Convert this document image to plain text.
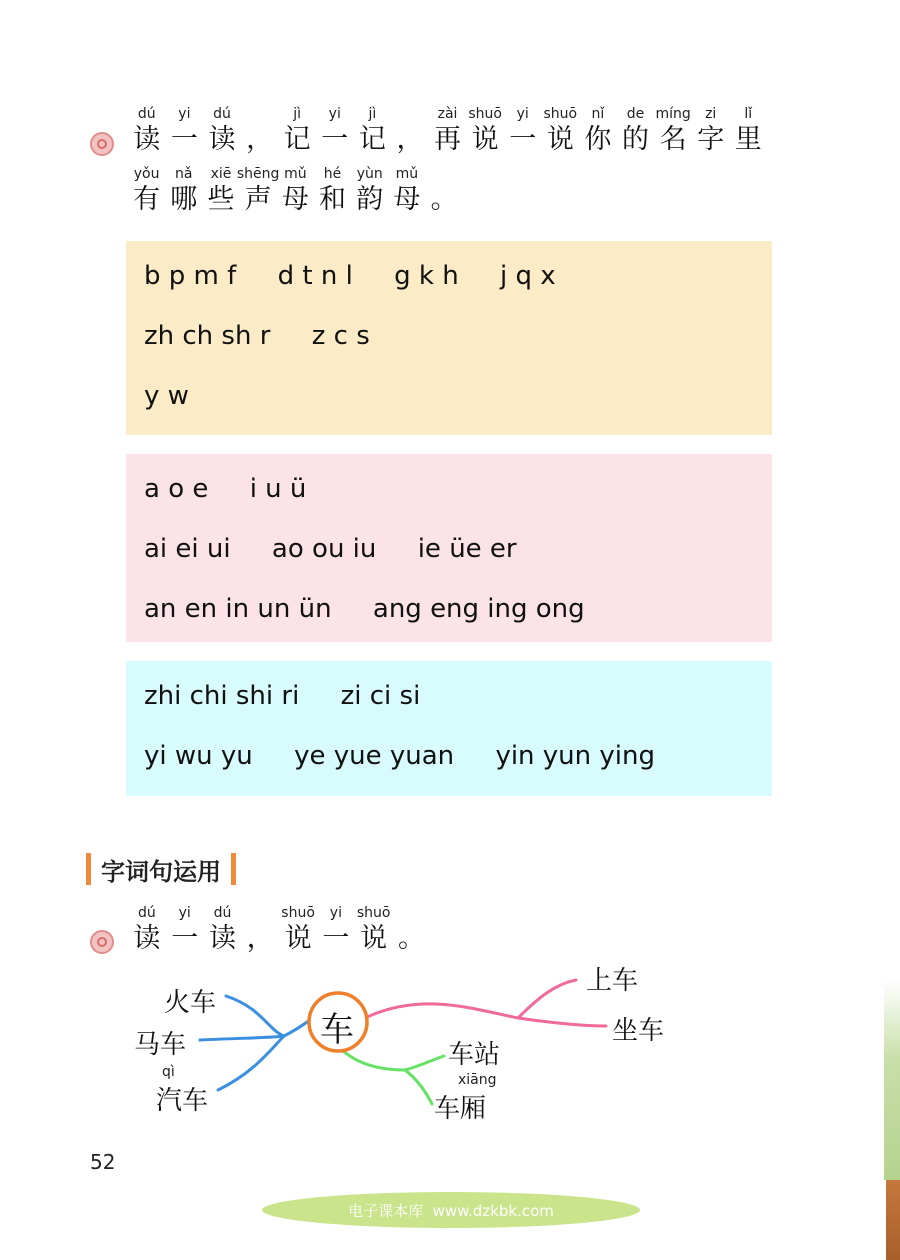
dú
读
yi
一
dú
读 ，
jì
记
yi
一
jì
记 ，
zài
再
shuō
说
yi
一
shuō
说
nǐ
你
de
的
míng
名
zi
字
lǐ
里
yǒu
有
nǎ
哪
xiē
些
shēng
声
mǔ
母
hé
和
yùn
韵
mǔ
母 。
b p m f     d t n l     g k h     j q x
zh ch sh r     z c s
y w
a o e     i u ü
ai ei ui     ao ou iu     ie üe er
an en in un ün     ang eng ing ong
zhi chi shi ri     zi ci si
yi wu yu     ye yue yuan     yin yun ying
字词句运用
dú
读
yi
一
dú
读 ，
shuō
说
yi
一
shuō
说 。
车
火车
马车
qì
汽车
上车
坐车
车站
xiāng
车厢
52
电子课本库  www.dzkbk.com
